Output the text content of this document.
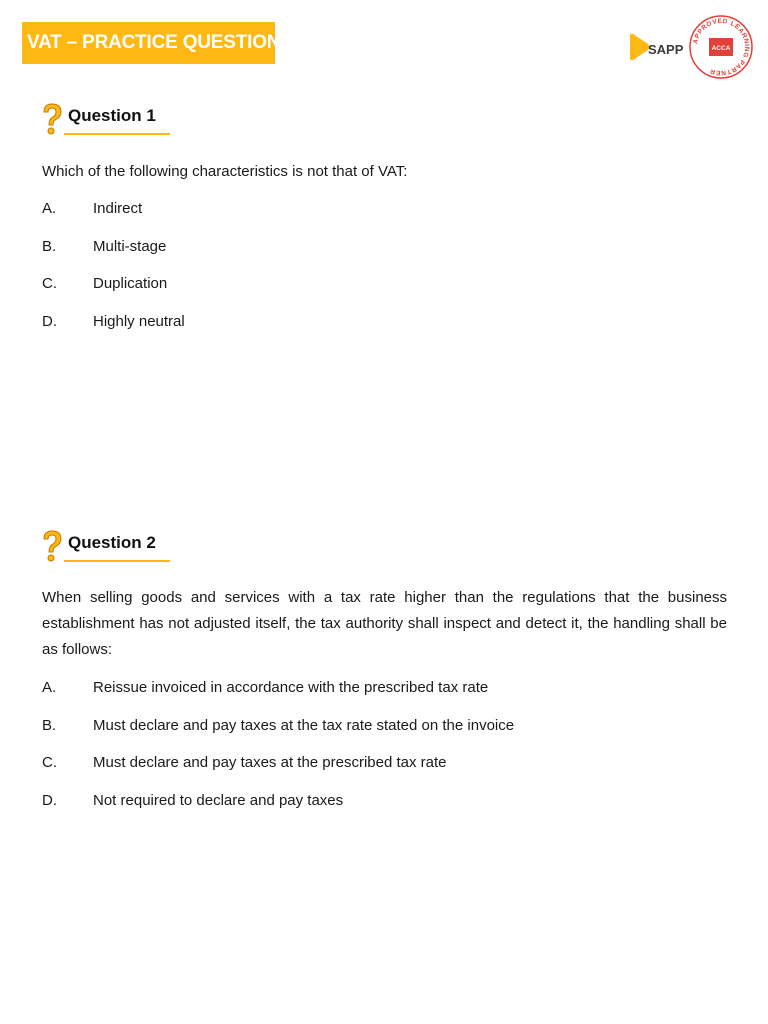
VAT – PRACTICE QUESTIONS	SAPP
APPROVED LEARNING PARTNER
ACCA
Question 1

Which of the following characteristics is not that of VAT:

A.	Indirect
B.	Multi-stage
C.	Duplication
D.	Highly neutral
Question 2

When selling goods and services with a tax rate higher than the regulations that the business establishment has not adjusted itself, the tax authority shall inspect and detect it, the handling shall be as follows:

A.	Reissue invoiced in accordance with the prescribed tax rate
B.	Must declare and pay taxes at the tax rate stated on the invoice
C.	Must declare and pay taxes at the prescribed tax rate
D.	Not required to declare and pay taxes
